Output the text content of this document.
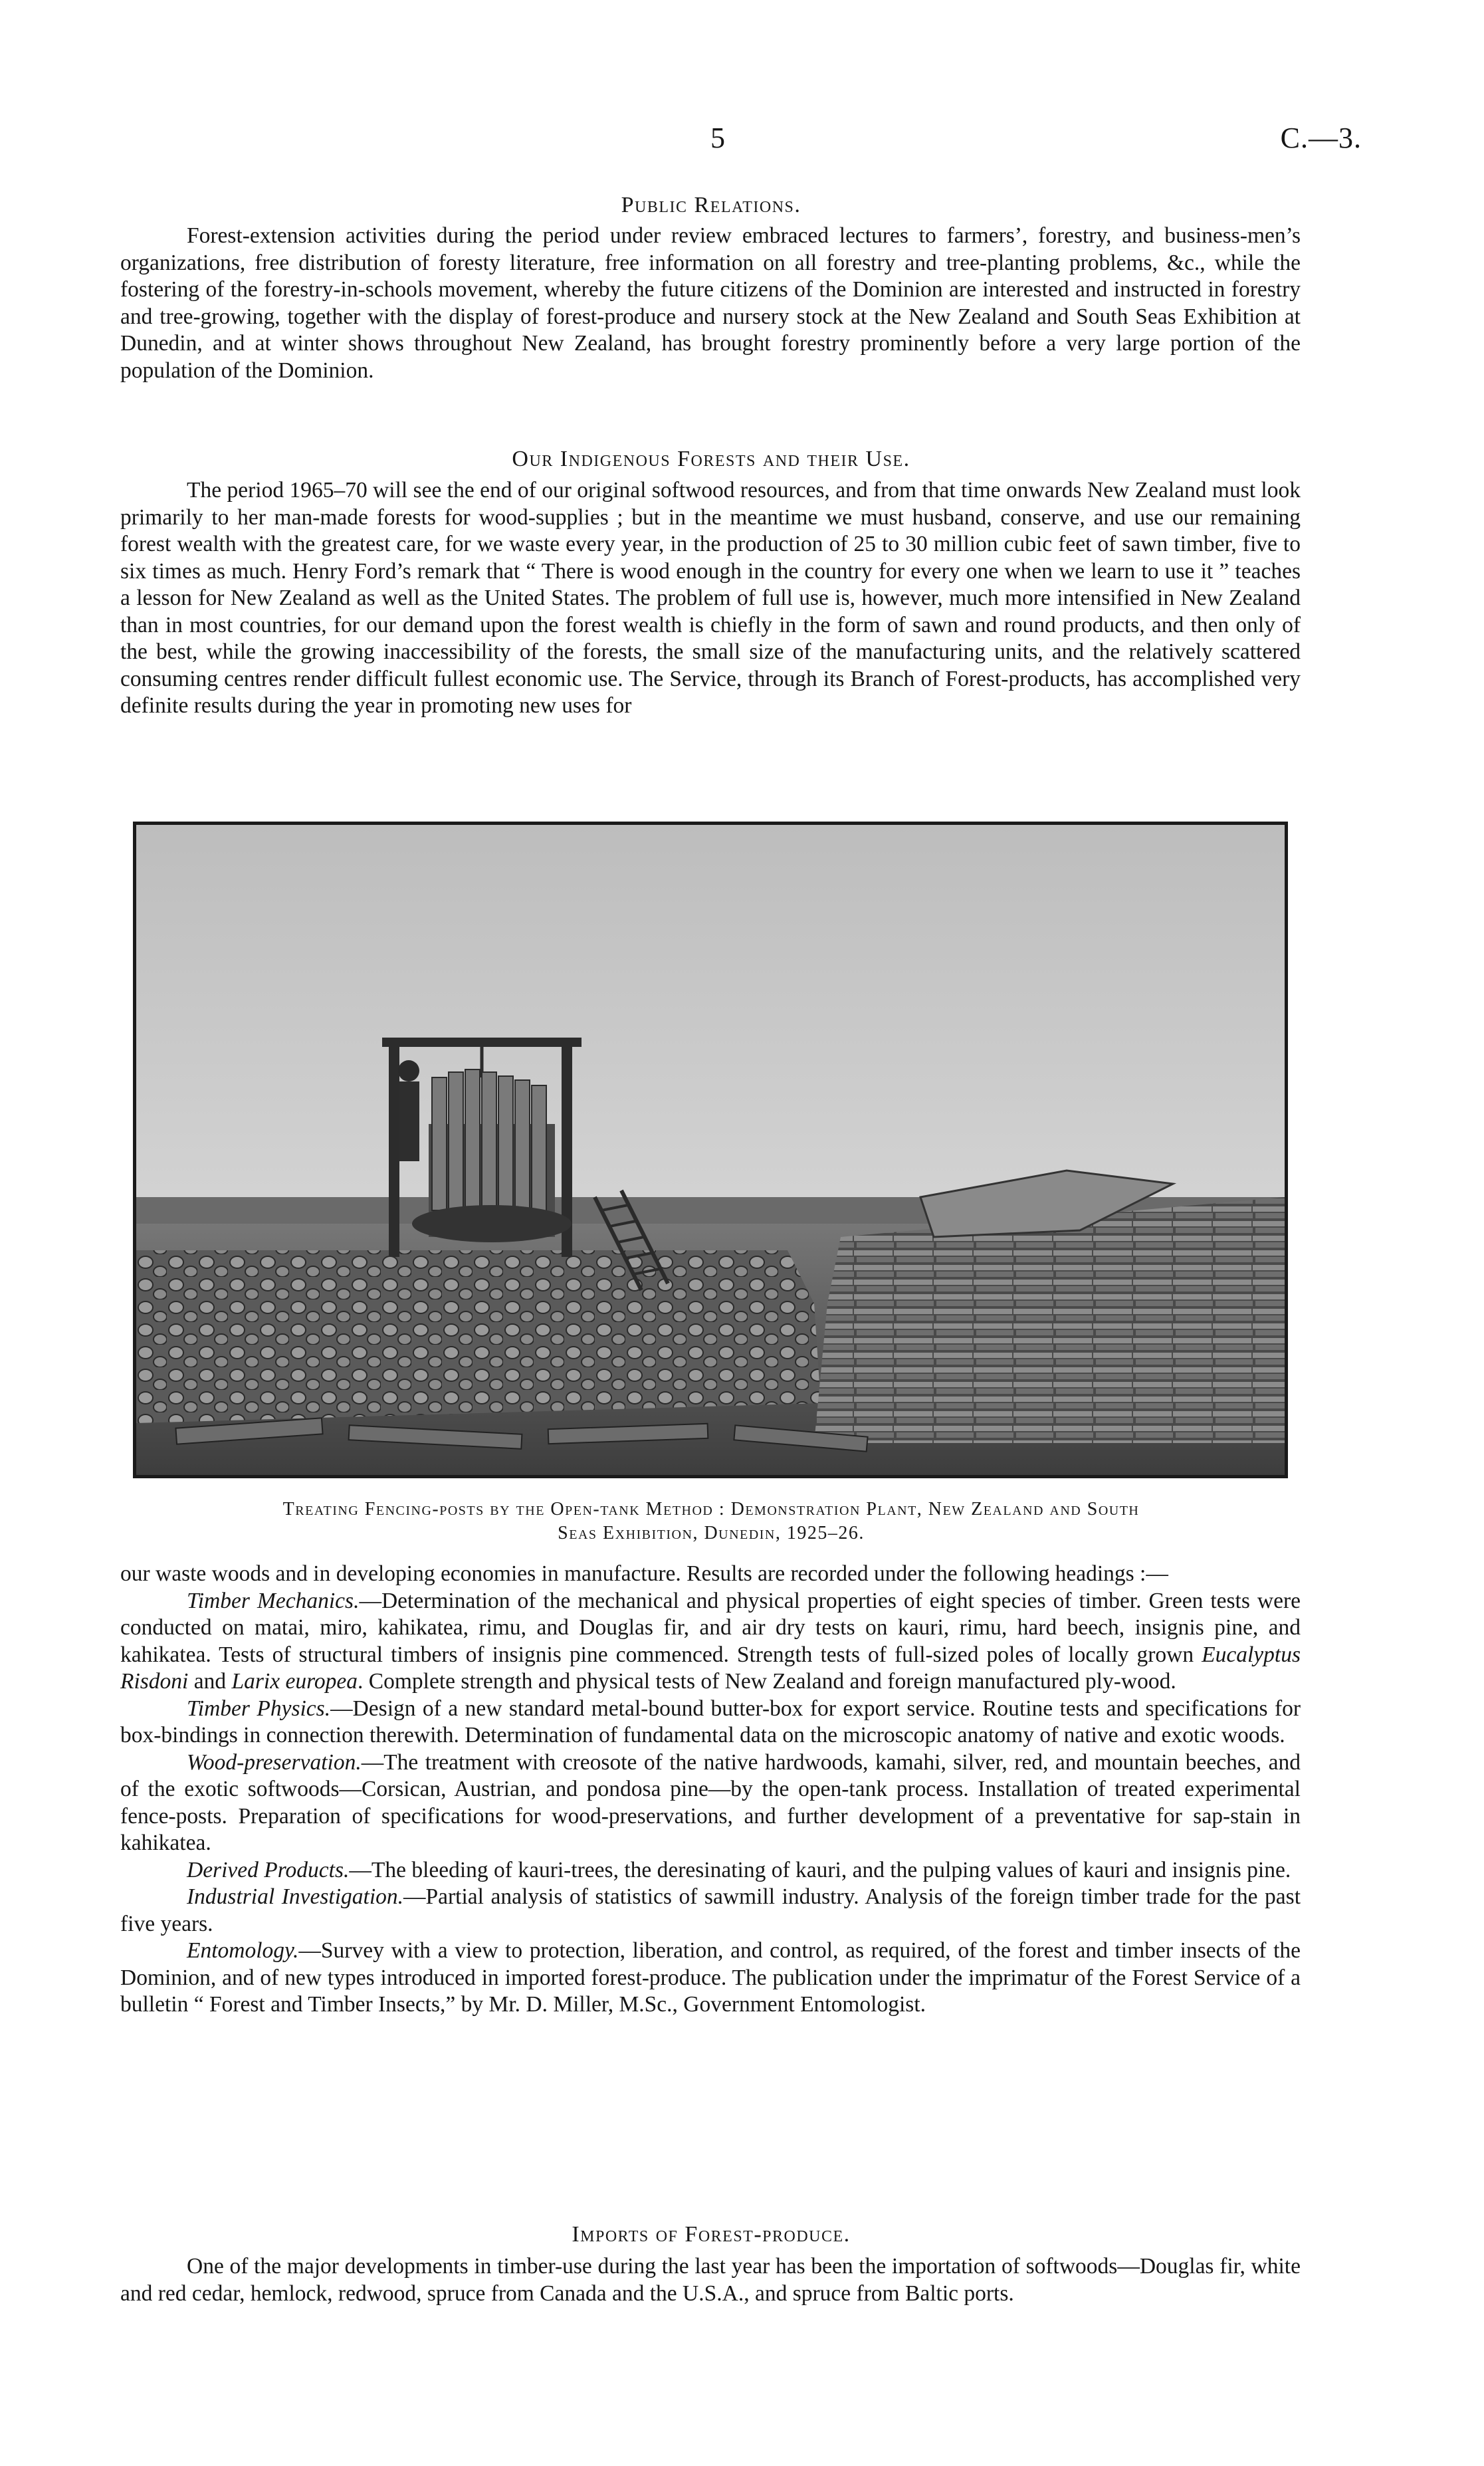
5	C.—3.
Public Relations.
Forest-extension activities during the period under review embraced lectures to farmers’, forestry, and business-men’s organizations, free distribution of foresty literature, free information on all forestry and tree-planting problems, &c., while the fostering of the forestry-in-schools movement, whereby the future citizens of the Dominion are interested and instructed in forestry and tree-growing, together with the display of forest-produce and nursery stock at the New Zealand and South Seas Exhibition at Dunedin, and at winter shows throughout New Zealand, has brought forestry prominently before a very large portion of the population of the Dominion.
Our Indigenous Forests and their Use.
The period 1965–70 will see the end of our original softwood resources, and from that time onwards New Zealand must look primarily to her man-made forests for wood-supplies ; but in the meantime we must husband, conserve, and use our remaining forest wealth with the greatest care, for we waste every year, in the production of 25 to 30 million cubic feet of sawn timber, five to six times as much. Henry Ford’s remark that “ There is wood enough in the country for every one when we learn to use it ” teaches a lesson for New Zealand as well as the United States. The problem of full use is, however, much more intensified in New Zealand than in most countries, for our demand upon the forest wealth is chiefly in the form of sawn and round products, and then only of the best, while the growing inaccessibility of the forests, the small size of the manufacturing units, and the relatively scattered consuming centres render difficult fullest economic use. The Service, through its Branch of Forest-products, has accomplished very definite results during the year in promoting new uses for
Treating Fencing-posts by the Open-tank Method : Demonstration Plant, New Zealand and South
Seas Exhibition, Dunedin, 1925–26.
our waste woods and in developing economies in manufacture. Results are recorded under the following headings :—
Timber Mechanics.—Determination of the mechanical and physical properties of eight species of timber. Green tests were conducted on matai, miro, kahikatea, rimu, and Douglas fir, and air dry tests on kauri, rimu, hard beech, insignis pine, and kahikatea. Tests of structural timbers of insignis pine commenced. Strength tests of full-sized poles of locally grown Eucalyptus Risdoni and Larix europea. Complete strength and physical tests of New Zealand and foreign manufactured ply-wood.
Timber Physics.—Design of a new standard metal-bound butter-box for export service. Routine tests and specifications for box-bindings in connection therewith. Determination of fundamental data on the microscopic anatomy of native and exotic woods.
Wood-preservation.—The treatment with creosote of the native hardwoods, kamahi, silver, red, and mountain beeches, and of the exotic softwoods—Corsican, Austrian, and pondosa pine—by the open-tank process. Installation of treated experimental fence-posts. Preparation of specifications for wood-preservations, and further development of a preventative for sap-stain in kahikatea.
Derived Products.—The bleeding of kauri-trees, the deresinating of kauri, and the pulping values of kauri and insignis pine.
Industrial Investigation.—Partial analysis of statistics of sawmill industry. Analysis of the foreign timber trade for the past five years.
Entomology.—Survey with a view to protection, liberation, and control, as required, of the forest and timber insects of the Dominion, and of new types introduced in imported forest-produce. The publication under the imprimatur of the Forest Service of a bulletin “ Forest and Timber Insects,” by Mr. D. Miller, M.Sc., Government Entomologist.
Imports of Forest-produce.
One of the major developments in timber-use during the last year has been the importation of softwoods—Douglas fir, white and red cedar, hemlock, redwood, spruce from Canada and the U.S.A., and spruce from Baltic ports.
